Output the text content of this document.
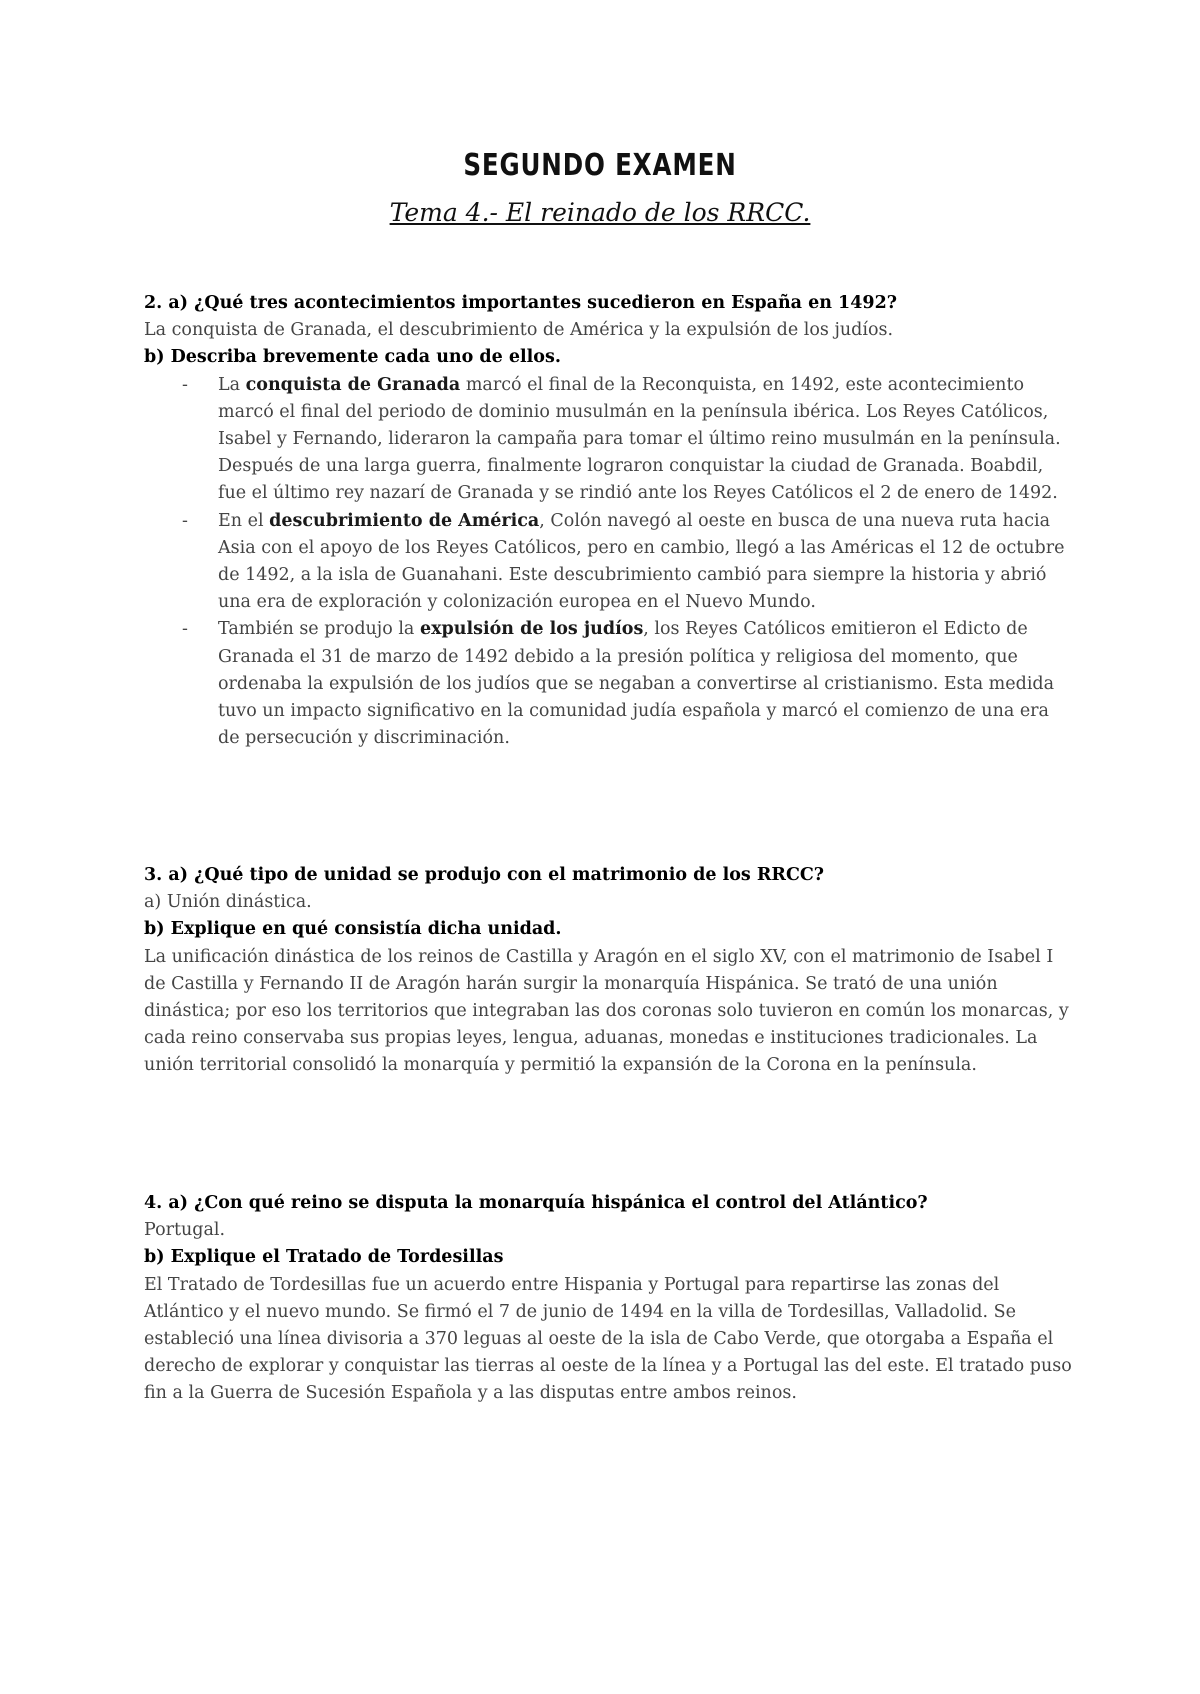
SEGUNDO EXAMEN
Tema 4.- El reinado de los RRCC.

2. a) ¿Qué tres acontecimientos importantes sucedieron en España en 1492?

La conquista de Granada, el descubrimiento de América y la expulsión de los judíos.

b) Describa brevemente cada uno de ellos.

- La conquista de Granada marcó el final de la Reconquista, en 1492, este acontecimiento marcó el final del periodo de dominio musulmán en la península ibérica. Los Reyes Católicos, Isabel y Fernando, lideraron la campaña para tomar el último reino musulmán en la península. Después de una larga guerra, finalmente lograron conquistar la ciudad de Granada. Boabdil, fue el último rey nazarí de Granada y se rindió ante los Reyes Católicos el 2 de enero de 1492.
- En el descubrimiento de América, Colón navegó al oeste en busca de una nueva ruta hacia Asia con el apoyo de los Reyes Católicos, pero en cambio, llegó a las Américas el 12 de octubre de 1492, a la isla de Guanahani. Este descubrimiento cambió para siempre la historia y abrió una era de exploración y colonización europea en el Nuevo Mundo.
- También se produjo la expulsión de los judíos, los Reyes Católicos emitieron el Edicto de Granada el 31 de marzo de 1492 debido a la presión política y religiosa del momento, que ordenaba la expulsión de los judíos que se negaban a convertirse al cristianismo. Esta medida tuvo un impacto significativo en la comunidad judía española y marcó el comienzo de una era de persecución y discriminación.

3. a) ¿Qué tipo de unidad se produjo con el matrimonio de los RRCC?

a) Unión dinástica.

b) Explique en qué consistía dicha unidad.

La unificación dinástica de los reinos de Castilla y Aragón en el siglo XV, con el matrimonio de Isabel I de Castilla y Fernando II de Aragón harán surgir la monarquía Hispánica. Se trató de una unión dinástica; por eso los territorios que integraban las dos coronas solo tuvieron en común los monarcas, y cada reino conservaba sus propias leyes, lengua, aduanas, monedas e instituciones tradicionales. La unión territorial consolidó la monarquía y permitió la expansión de la Corona en la península.

4. a) ¿Con qué reino se disputa la monarquía hispánica el control del Atlántico?

Portugal.

b) Explique el Tratado de Tordesillas

El Tratado de Tordesillas fue un acuerdo entre Hispania y Portugal para repartirse las zonas del Atlántico y el nuevo mundo. Se firmó el 7 de junio de 1494 en la villa de Tordesillas, Valladolid. Se estableció una línea divisoria a 370 leguas al oeste de la isla de Cabo Verde, que otorgaba a España el derecho de explorar y conquistar las tierras al oeste de la línea y a Portugal las del este. El tratado puso fin a la Guerra de Sucesión Española y a las disputas entre ambos reinos.
